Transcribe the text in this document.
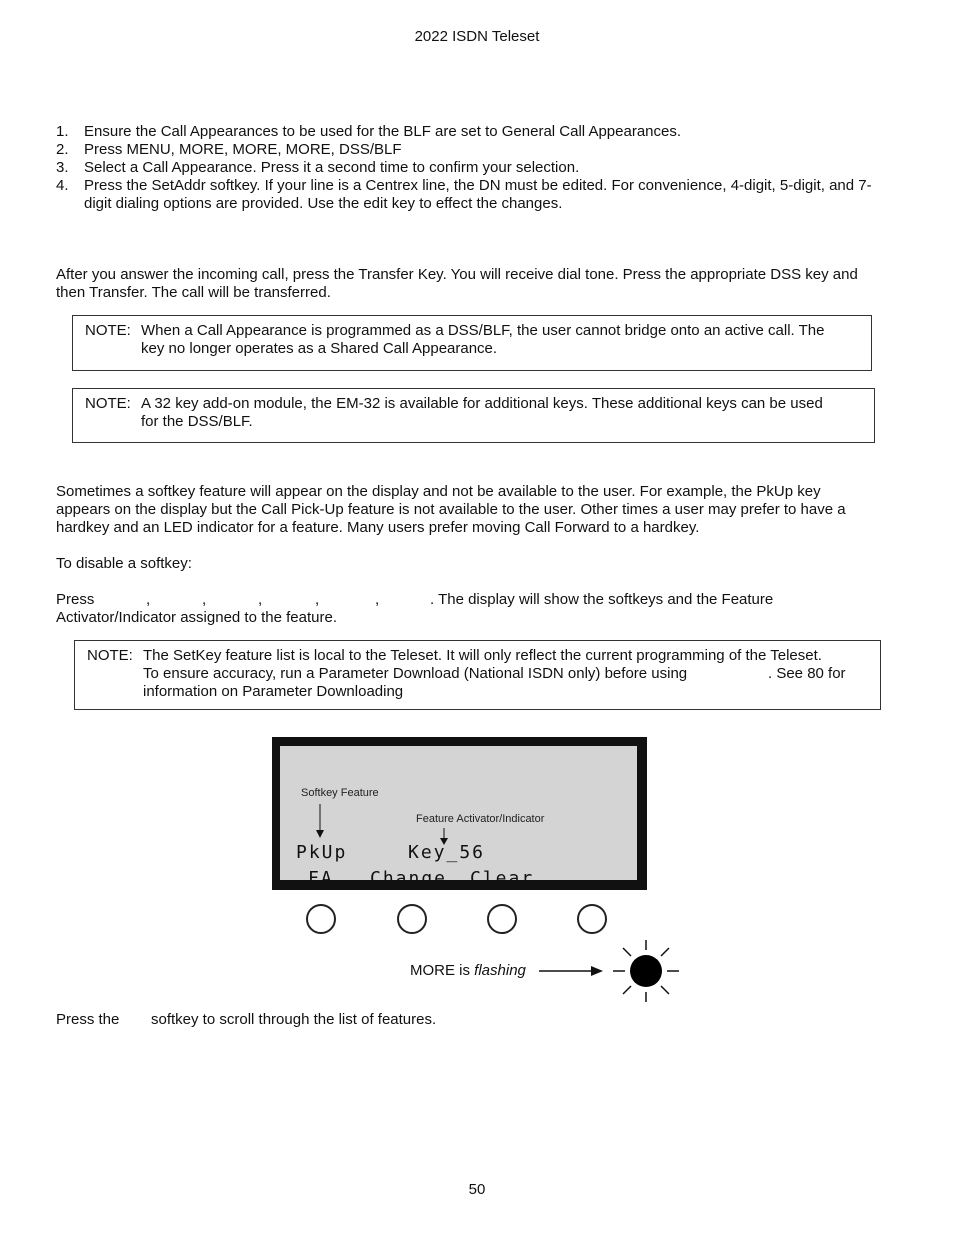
2022 ISDN Teleset
1. Ensure the Call Appearances to be used for the BLF are set to General Call Appearances.
2. Press MENU, MORE, MORE, MORE, DSS/BLF
3. Select a Call Appearance. Press it a second time to confirm your selection.
4. Press the SetAddr softkey. If your line is a Centrex line, the DN must be edited. For convenience, 4-digit, 5-digit, and 7-digit dialing options are provided. Use the edit key to effect the changes.
After you answer the incoming call, press the Transfer Key. You will receive dial tone. Press the appropriate DSS key and
then Transfer. The call will be transferred.
NOTE: When a Call Appearance is programmed as a DSS/BLF, the user cannot bridge onto an active call. The
key no longer operates as a Shared Call Appearance.
NOTE: A 32 key add-on module, the EM-32 is available for additional keys. These additional keys can be used
for the DSS/BLF.
Sometimes a softkey feature will appear on the display and not be available to the user. For example, the PkUp key
appears on the display but the Call Pick-Up feature is not available to the user. Other times a user may prefer to have a
hardkey and an LED indicator for a feature. Many users prefer moving Call Forward to a hardkey.
To disable a softkey:
Press	,	,	,	,	,	. The display will show the softkeys and the Feature
Activator/Indicator assigned to the feature.
NOTE: The SetKey feature list is local to the Teleset. It will only reflect the current programming of the Teleset.
To ensure accuracy, run a Parameter Download (National ISDN only) before using	. See 80 for
information on Parameter Downloading
Softkey Feature
Feature Activator/Indicator
PkUp	Key_56
FA Change Clear
MORE is flashing
Press the softkey to scroll through the list of features.
50
